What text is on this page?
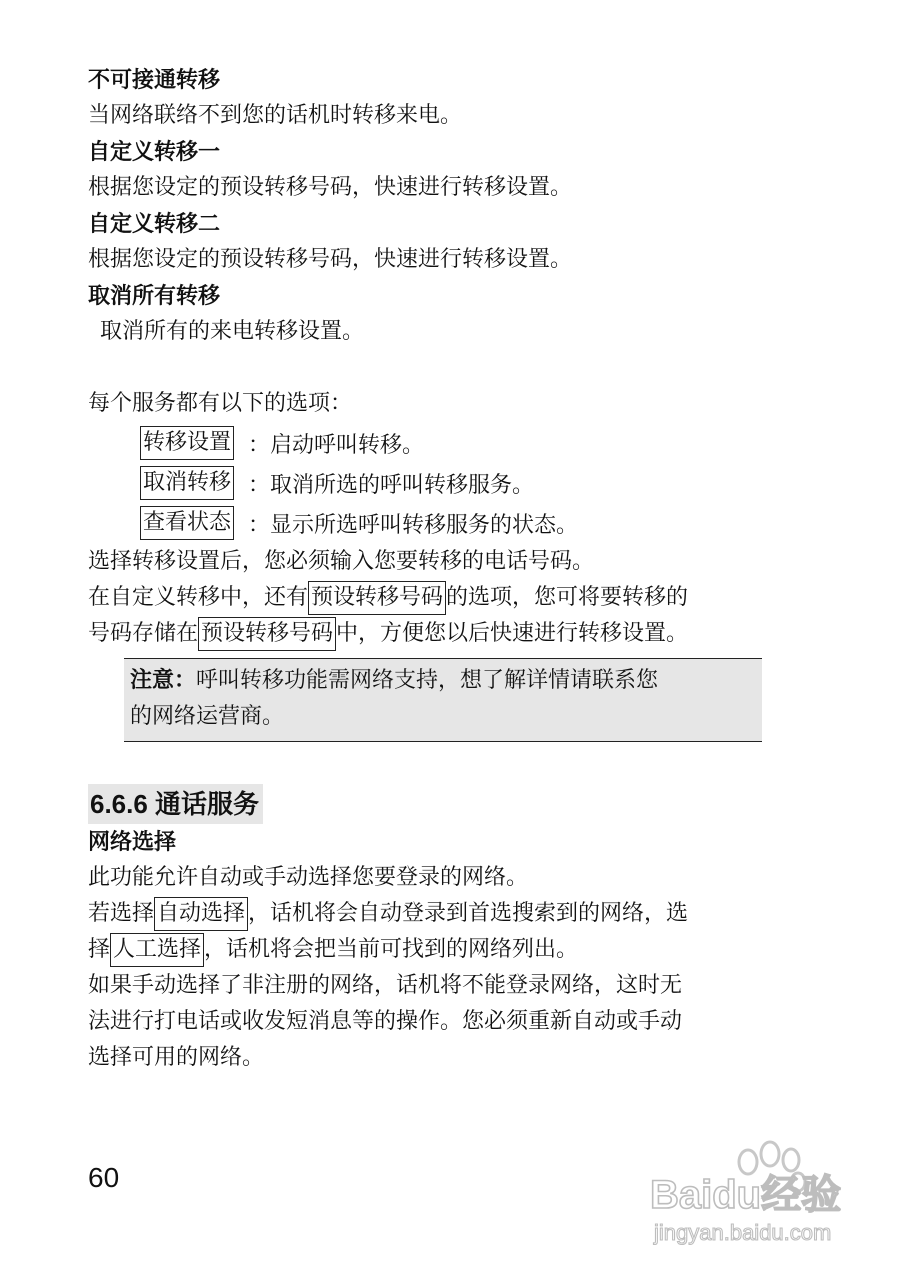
不可接通转移

当网络联络不到您的话机时转移来电。

自定义转移一

根据您设定的预设转移号码，快速进行转移设置。

自定义转移二

根据您设定的预设转移号码，快速进行转移设置。

取消所有转移

取消所有的来电转移设置。

每个服务都有以下的选项：

转移设置 ：启动呼叫转移。
取消转移 ：取消所选的呼叫转移服务。
查看状态 ：显示所选呼叫转移服务的状态。

选择转移设置后，您必须输入您要转移的电话号码。

在自定义转移中，还有 预设转移号码 的选项，您可将要转移的
号码存储在 预设转移号码 中，方便您以后快速进行转移设置。
注意：呼叫转移功能需网络支持，想了解详情请联系您
的网络运营商。
6.6.6 通话服务

网络选择

此功能允许自动或手动选择您要登录的网络。

若选择 自动选择 ，话机将会自动登录到首选搜索到的网络，选
择 人工选择 ，话机将会把当前可找到的网络列出。

如果手动选择了非注册的网络，话机将不能登录网络，这时无

法进行打电话或收发短消息等的操作。您必须重新自动或手动

选择可用的网络。

60	Baidu经验
jingyan.baidu.com
